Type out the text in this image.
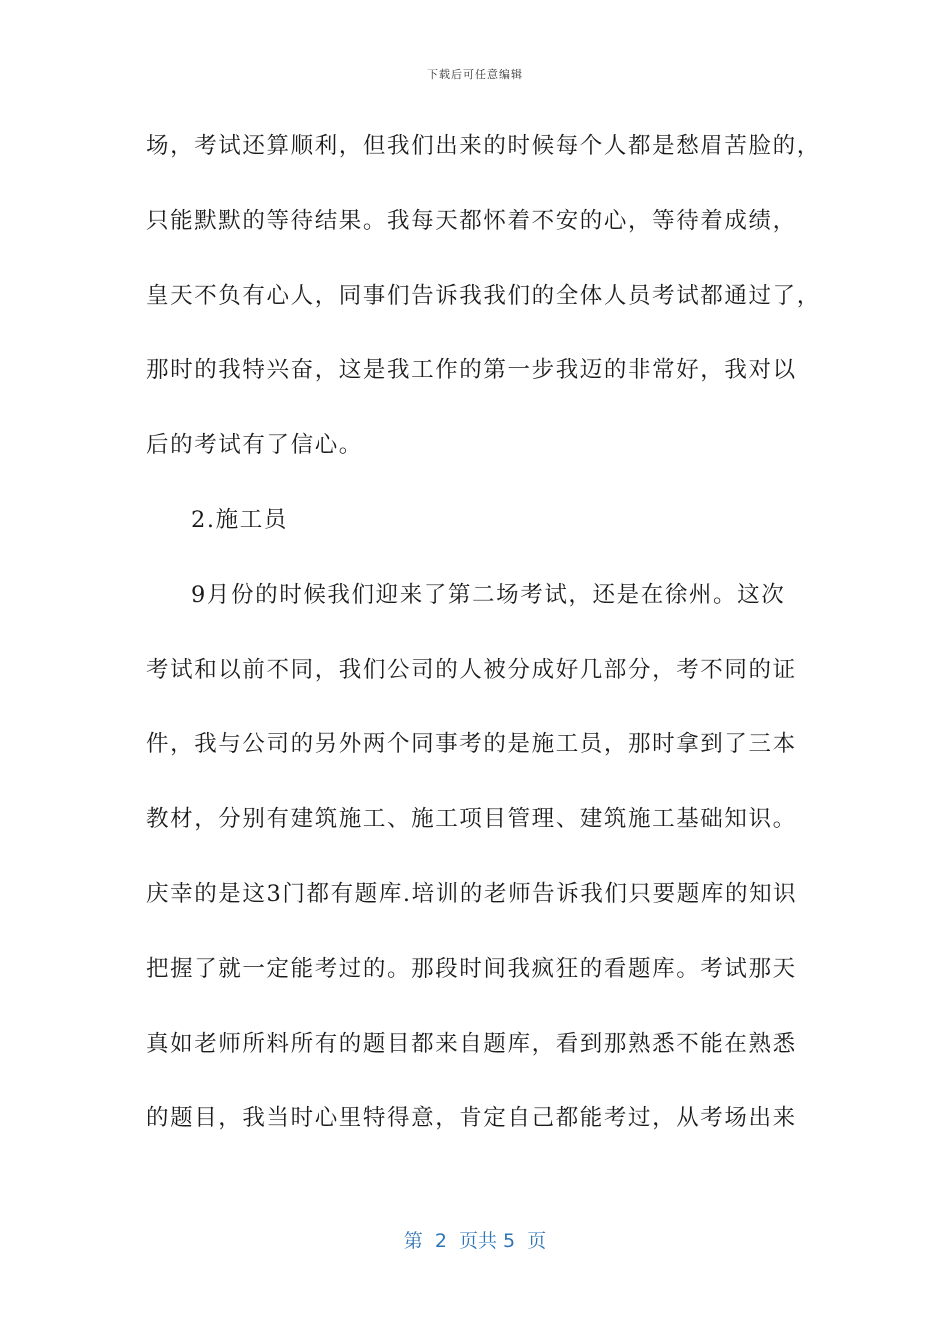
下载后可任意编辑
场，考试还算顺利，但我们出来的时候每个人都是愁眉苦脸的，
只能默默的等待结果。我每天都怀着不安的心，等待着成绩，
皇天不负有心人，同事们告诉我我们的全体人员考试都通过了，
那时的我特兴奋，这是我工作的第一步我迈的非常好，我对以
后的考试有了信心。
2.施工员
9月份的时候我们迎来了第二场考试，还是在徐州。这次
考试和以前不同，我们公司的人被分成好几部分，考不同的证
件，我与公司的另外两个同事考的是施工员，那时拿到了三本
教材，分别有建筑施工、施工项目管理、建筑施工基础知识。
庆幸的是这3门都有题库.培训的老师告诉我们只要题库的知识
把握了就一定能考过的。那段时间我疯狂的看题库。考试那天
真如老师所料所有的题目都来自题库，看到那熟悉不能在熟悉
的题目，我当时心里特得意，肯定自己都能考过，从考场出来
第  2  页共 5  页
